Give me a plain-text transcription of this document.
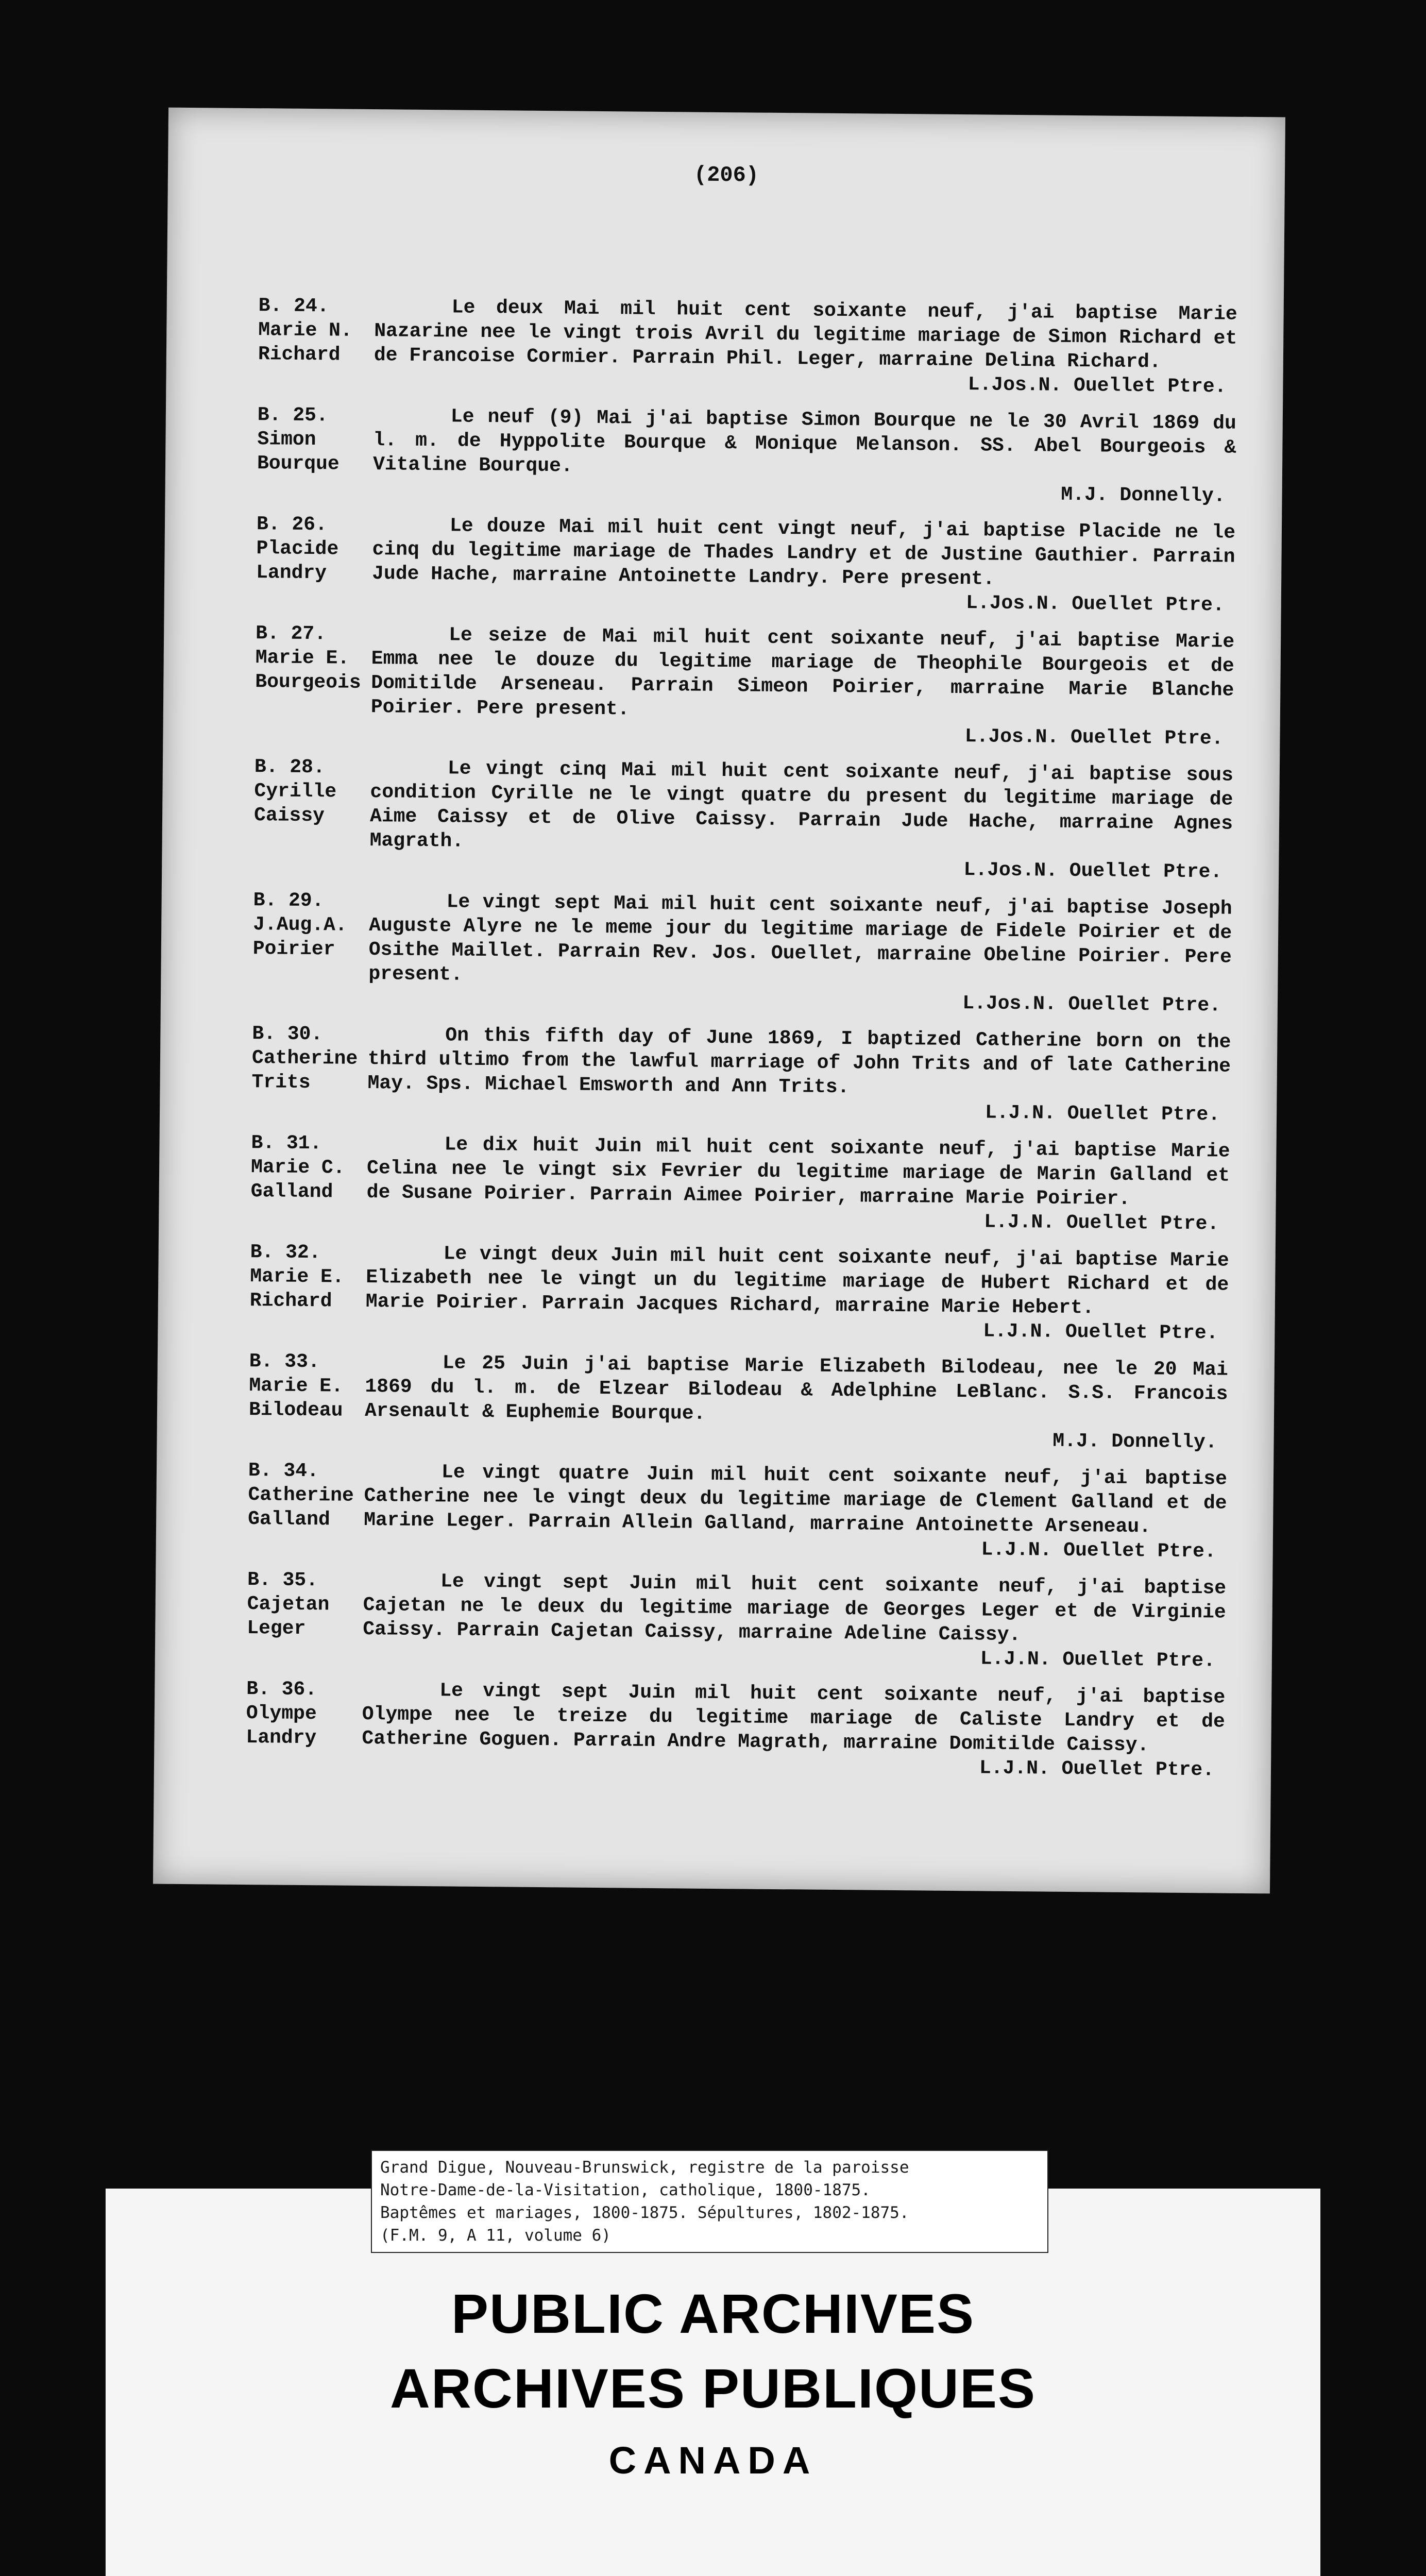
(206)
B. 24.
Marie N.
Richard

Le deux Mai mil huit cent soixante neuf, j'ai baptise Marie Nazarine nee le vingt trois Avril du legitime mariage de Simon Richard et de Francoise Cormier. Parrain Phil. Leger, marraine Delina Richard.

L.Jos.N. Ouellet Ptre.
B. 25.
Simon
Bourque

Le neuf (9) Mai j'ai baptise Simon Bourque ne le 30 Avril 1869 du l. m. de Hyppolite Bourque & Monique Melanson. SS. Abel Bourgeois & Vitaline Bourque.

M.J. Donnelly.
B. 26.
Placide
Landry

Le douze Mai mil huit cent vingt neuf, j'ai baptise Placide ne le cinq du legitime mariage de Thades Landry et de Justine Gauthier. Parrain Jude Hache, marraine Antoinette Landry. Pere present.

L.Jos.N. Ouellet Ptre.
B. 27.
Marie E.
Bourgeois

Le seize de Mai mil huit cent soixante neuf, j'ai baptise Marie Emma nee le douze du legitime mariage de Theophile Bourgeois et de Domitilde Arseneau. Parrain Simeon Poirier, marraine Marie Blanche Poirier. Pere present.

L.Jos.N. Ouellet Ptre.
B. 28.
Cyrille
Caissy

Le vingt cinq Mai mil huit cent soixante neuf, j'ai baptise sous condition Cyrille ne le vingt quatre du present du legitime mariage de Aime Caissy et de Olive Caissy. Parrain Jude Hache, marraine Agnes Magrath.

L.Jos.N. Ouellet Ptre.
B. 29.
J.Aug.A.
Poirier

Le vingt sept Mai mil huit cent soixante neuf, j'ai baptise Joseph Auguste Alyre ne le meme jour du legitime mariage de Fidele Poirier et de Osithe Maillet. Parrain Rev. Jos. Ouellet, marraine Obeline Poirier. Pere present.

L.Jos.N. Ouellet Ptre.
B. 30.
Catherine
Trits

On this fifth day of June 1869, I baptized Catherine born on the third ultimo from the lawful marriage of John Trits and of late Catherine May. Sps. Michael Emsworth and Ann Trits.

L.J.N. Ouellet Ptre.
B. 31.
Marie C.
Galland

Le dix huit Juin mil huit cent soixante neuf, j'ai baptise Marie Celina nee le vingt six Fevrier du legitime mariage de Marin Galland et de Susane Poirier. Parrain Aimee Poirier, marraine Marie Poirier.

L.J.N. Ouellet Ptre.
B. 32.
Marie E.
Richard

Le vingt deux Juin mil huit cent soixante neuf, j'ai baptise Marie Elizabeth nee le vingt un du legitime mariage de Hubert Richard et de Marie Poirier. Parrain Jacques Richard, marraine Marie Hebert.

L.J.N. Ouellet Ptre.
B. 33.
Marie E.
Bilodeau

Le 25 Juin j'ai baptise Marie Elizabeth Bilodeau, nee le 20 Mai 1869 du l. m. de Elzear Bilodeau & Adelphine LeBlanc. S.S. Francois Arsenault & Euphemie Bourque.

M.J. Donnelly.
B. 34.
Catherine
Galland

Le vingt quatre Juin mil huit cent soixante neuf, j'ai baptise Catherine nee le vingt deux du legitime mariage de Clement Galland et de Marine Leger. Parrain Allein Galland, marraine Antoinette Arseneau.

L.J.N. Ouellet Ptre.
B. 35.
Cajetan
Leger

Le vingt sept Juin mil huit cent soixante neuf, j'ai baptise Cajetan ne le deux du legitime mariage de Georges Leger et de Virginie Caissy. Parrain Cajetan Caissy, marraine Adeline Caissy.

L.J.N. Ouellet Ptre.
B. 36.
Olympe
Landry

Le vingt sept Juin mil huit cent soixante neuf, j'ai baptise Olympe nee le treize du legitime mariage de Caliste Landry et de Catherine Goguen. Parrain Andre Magrath, marraine Domitilde Caissy.

L.J.N. Ouellet Ptre.
Grand Digue, Nouveau-Brunswick, registre de la paroisse
Notre-Dame-de-la-Visitation, catholique, 1800-1875.
Baptêmes et mariages, 1800-1875. Sépultures, 1802-1875.
(F.M. 9, A 11, volume 6)
PUBLIC ARCHIVES
ARCHIVES PUBLIQUES
CANADA
